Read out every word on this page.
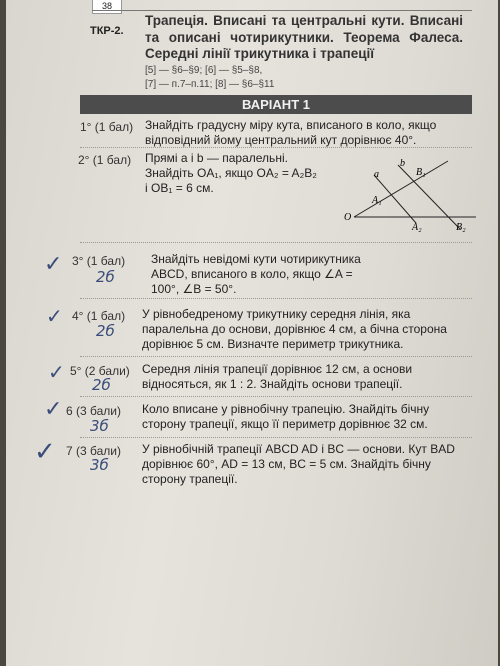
38
ТКР-2.
Трапеція. Вписані та центральні кути. Вписані та описані чотирикутники. Теорема Фалеса. Середні лінії трикутника і трапеції
[5] — §6–§9; [6] — §5–§8,
[7] — п.7–п.11; [8] — §6–§11
ВАРІАНТ 1
1° (1 бал) Знайдіть градусну міру кута, вписаного в коло, якщо відповідний йому центральний кут дорівнює 40°.
2° (1 бал) Прямі a і b — паралельні.
Знайдіть OA₁, якщо OA₂ = A₂B₂
і OB₁ = 6 см.
a
b
O
A₁
A₂
B₁
B₂
✓ 3° (1 бал)
2б
Знайдіть невідомі кути чотирикутника ABCD, вписаного в коло, якщо ∠A = 100°, ∠B = 50°.
✓ 4° (1 бал)
2б
У рівнобедреному трикутнику середня лінія, яка паралельна до основи, дорівнює 4 см, а бічна сторона дорівнює 5 см. Визначте периметр трикутника.
✓ 5° (2 бали)
2б
Середня лінія трапеції дорівнює 12 см, а основи відносяться, як 1 : 2. Знайдіть основи трапеції.
✓ 6 (3 бали)
3б
Коло вписане у рівнобічну трапецію. Знайдіть бічну сторону трапеції, якщо її периметр дорівнює 32 см.
✓ 7 (3 бали)
3б
У рівнобічній трапеції ABCD AD і BC — основи. Кут BAD дорівнює 60°, AD = 13 см, BC = 5 см. Знайдіть бічну сторону трапеції.
